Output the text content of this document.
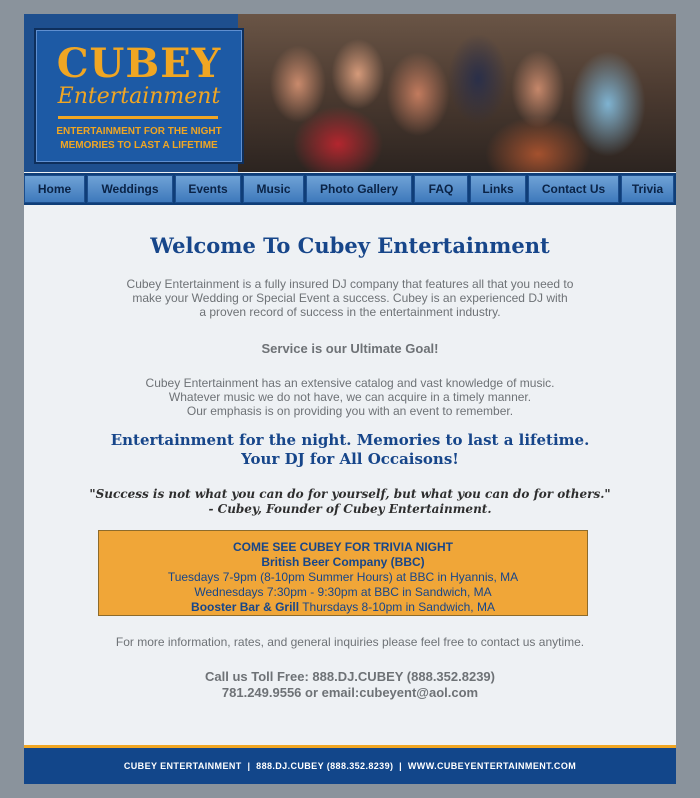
CUBEY
Entertainment
ENTERTAINMENT FOR THE NIGHT
MEMORIES TO LAST A LIFETIME
Home	Weddings	Events	Music	Photo Gallery	FAQ	Links	Contact Us	Trivia
Welcome To Cubey Entertainment
Cubey Entertainment is a fully insured DJ company that features all that you need to
make your Wedding or Special Event a success. Cubey is an experienced DJ with
a proven record of success in the entertainment industry.
Service is our Ultimate Goal!
Cubey Entertainment has an extensive catalog and vast knowledge of music.
Whatever music we do not have, we can acquire in a timely manner.
Our emphasis is on providing you with an event to remember.
Entertainment for the night. Memories to last a lifetime.
Your DJ for All Occaisons!
"Success is not what you can do for yourself, but what you can do for others."
- Cubey, Founder of Cubey Entertainment.
COME SEE CUBEY FOR TRIVIA NIGHT
British Beer Company (BBC)
Tuesdays 7-9pm (8-10pm Summer Hours) at BBC in Hyannis, MA
Wednesdays 7:30pm - 9:30pm at BBC in Sandwich, MA
Booster Bar & Grill Thursdays 8-10pm in Sandwich, MA
For more information, rates, and general inquiries please feel free to contact us anytime.
Call us Toll Free: 888.DJ.CUBEY (888.352.8239)
781.249.9556 or email:cubeyent@aol.com
CUBEY ENTERTAINMENT  |  888.DJ.CUBEY (888.352.8239)  |  WWW.CUBEYENTERTAINMENT.COM
